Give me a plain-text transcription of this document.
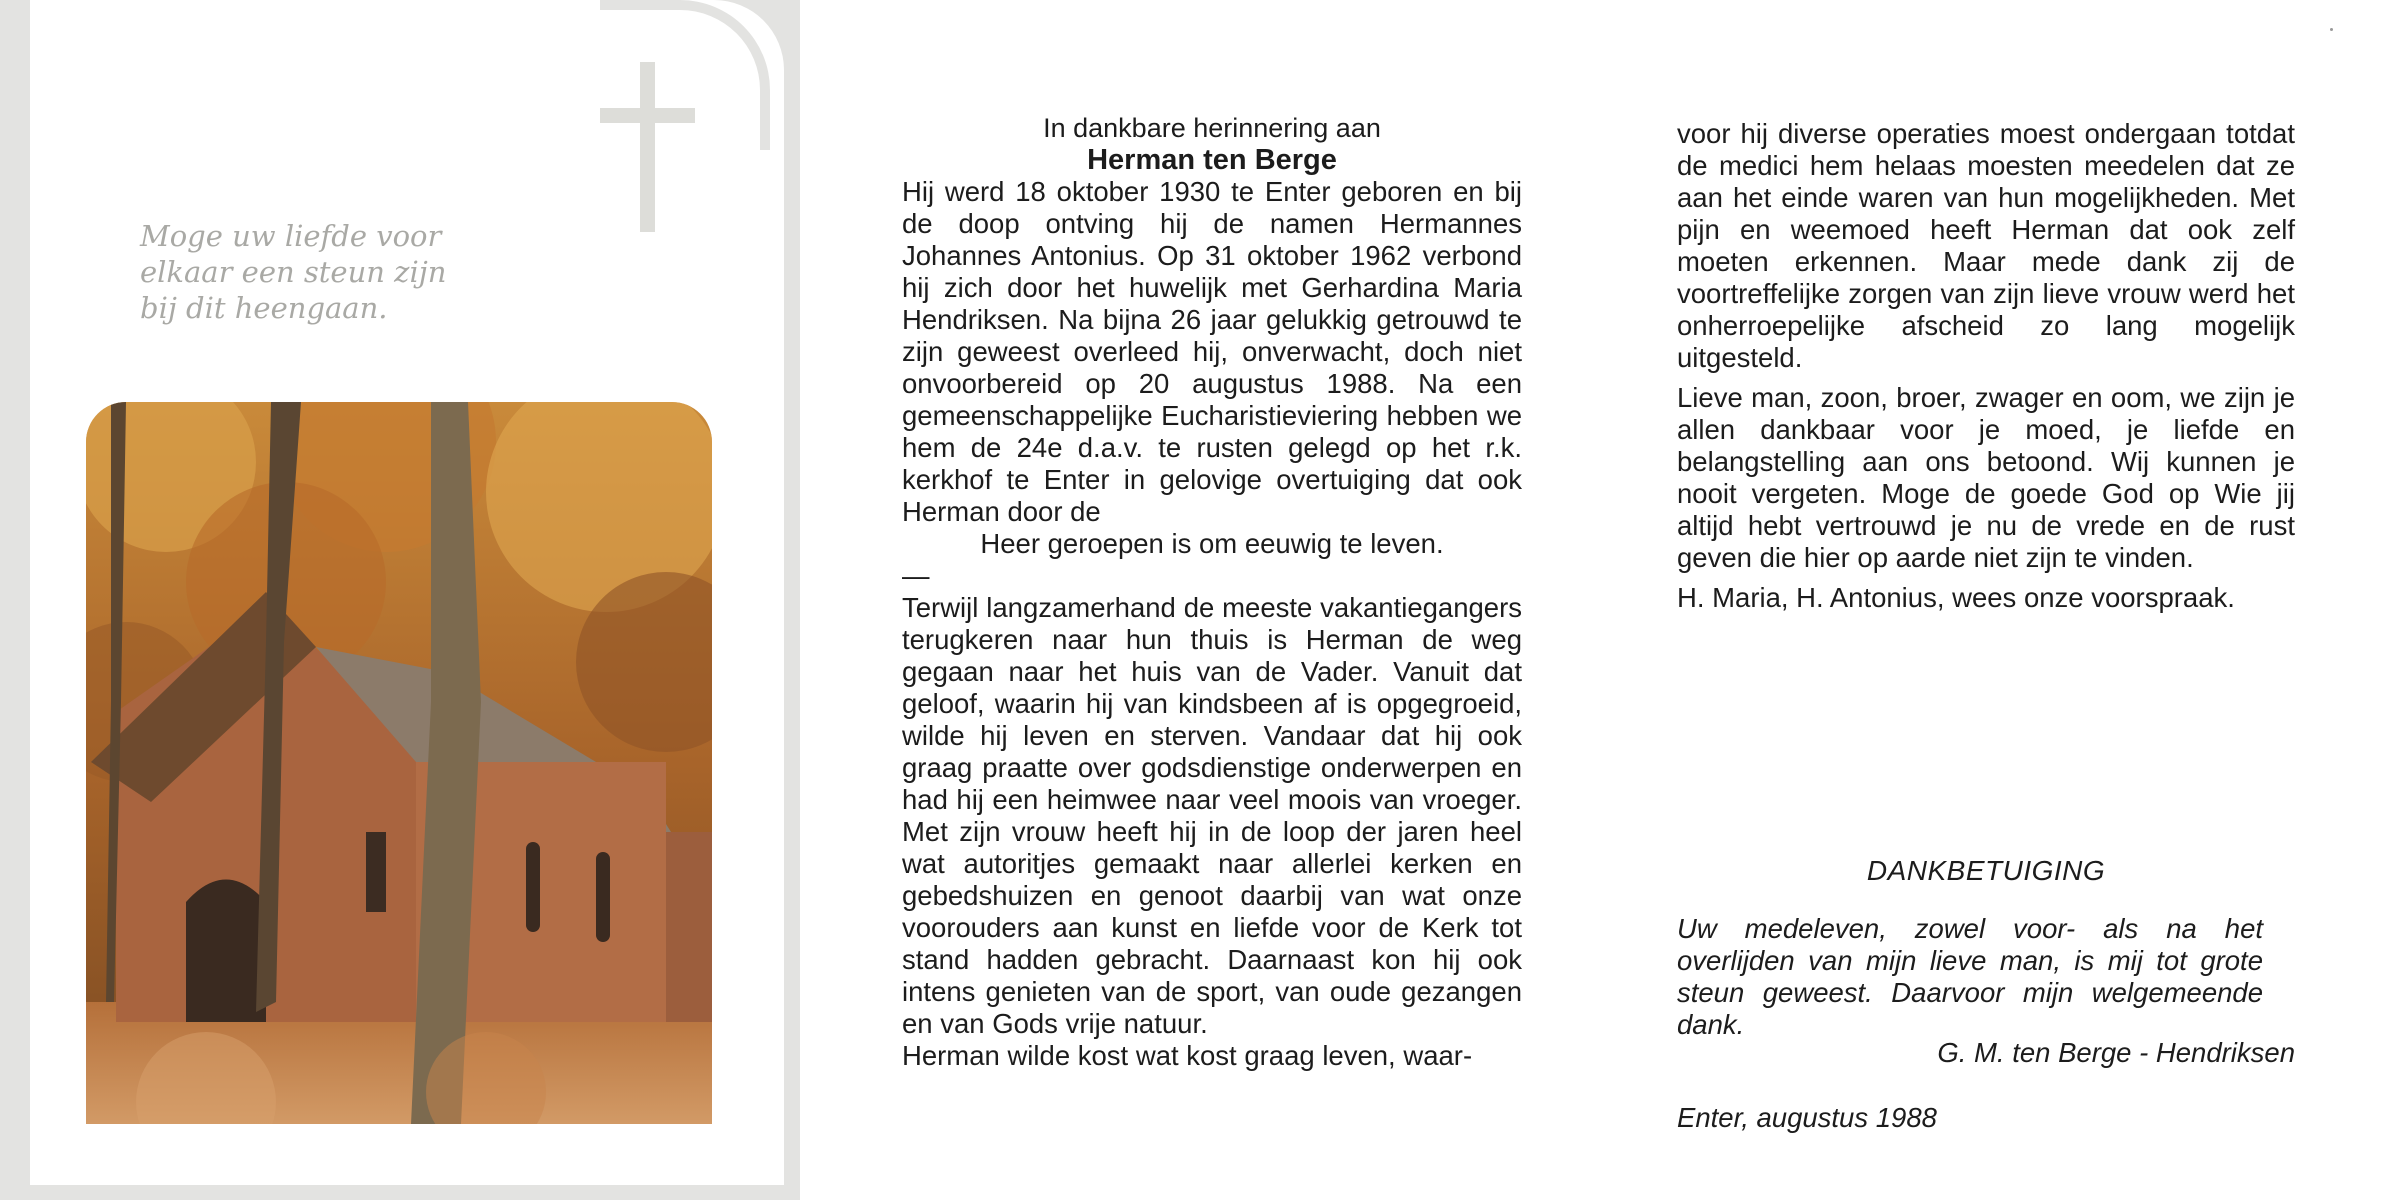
Moge uw liefde voor
elkaar een steun zijn
bij dit heengaan.

In dankbare herinnering aan

Herman ten Berge

Hij werd 18 oktober 1930 te Enter geboren en bij de doop ontving hij de namen Hermannes Johannes Antonius. Op 31 oktober 1962 verbond hij zich door het huwelijk met Gerhardina Maria Hendriksen. Na bijna 26 jaar gelukkig getrouwd te zijn geweest overleed hij, onverwacht, doch niet onvoorbereid op 20 augustus 1988. Na een gemeenschappelijke Eucharistieviering hebben we hem de 24e d.a.v. te rusten gelegd op het r.k. kerkhof te Enter in gelovige overtuiging dat ook Herman door de

Heer geroepen is om eeuwig te leven.

—

Terwijl langzamerhand de meeste vakantiegangers terugkeren naar hun thuis is Herman de weg gegaan naar het huis van de Vader. Vanuit dat geloof, waarin hij van kindsbeen af is opgegroeid, wilde hij leven en sterven. Vandaar dat hij ook graag praatte over godsdienstige onderwerpen en had hij een heimwee naar veel moois van vroeger. Met zijn vrouw heeft hij in de loop der jaren heel wat autoritjes gemaakt naar allerlei kerken en gebedshuizen en genoot daarbij van wat onze voorouders aan kunst en liefde voor de Kerk tot stand hadden gebracht. Daarnaast kon hij ook intens genieten van de sport, van oude gezangen en van Gods vrije natuur.

Herman wilde kost wat kost graag leven, waar-

voor hij diverse operaties moest ondergaan totdat de medici hem helaas moesten meedelen dat ze aan het einde waren van hun mogelijkheden. Met pijn en weemoed heeft Herman dat ook zelf moeten erkennen. Maar mede dank zij de voortreffelijke zorgen van zijn lieve vrouw werd het onherroepelijke afscheid zo lang mogelijk uitgesteld.

Lieve man, zoon, broer, zwager en oom, we zijn je allen dankbaar voor je moed, je liefde en belangstelling aan ons betoond. Wij kunnen je nooit vergeten. Moge de goede God op Wie jij altijd hebt vertrouwd je nu de vrede en de rust geven die hier op aarde niet zijn te vinden.

H. Maria, H. Antonius, wees onze voorspraak.

DANKBETUIGING
Uw medeleven, zowel voor- als na het overlijden van mijn lieve man, is mij tot grote steun geweest. Daarvoor mijn welgemeende dank.
G. M. ten Berge - Hendriksen
Enter, augustus 1988
